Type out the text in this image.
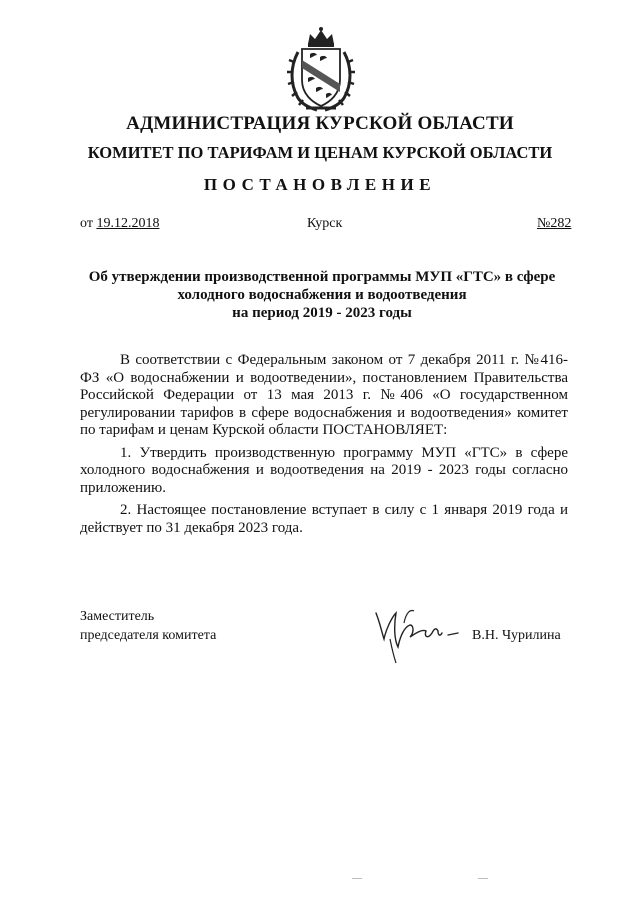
АДМИНИСТРАЦИЯ КУРСКОЙ ОБЛАСТИ
КОМИТЕТ ПО ТАРИФАМ И ЦЕНАМ КУРСКОЙ ОБЛАСТИ
ПОСТАНОВЛЕНИЕ
от 19.12.2018	Курск	№282
Об утверждении производственной программы МУП «ГТС» в сфере
холодного водоснабжения и водоотведения
на период 2019 - 2023 годы

В соответствии с Федеральным законом от 7 декабря 2011 г. №416-ФЗ «О водоснабжении и водоотведении», постановлением Правительства Российской Федерации от 13 мая 2013 г. №406 «О государственном регулировании тарифов в сфере водоснабжения и водоотведения» комитет по тарифам и ценам Курской области ПОСТАНОВЛЯЕТ:

1. Утвердить производственную программу МУП «ГТС» в сфере холодного водоснабжения и водоотведения на 2019 - 2023 годы согласно приложению.

2. Настоящее постановление вступает в силу с 1 января 2019 года и действует по 31 декабря 2023 года.

Заместитель
председателя комитета	В.Н. Чурилина
